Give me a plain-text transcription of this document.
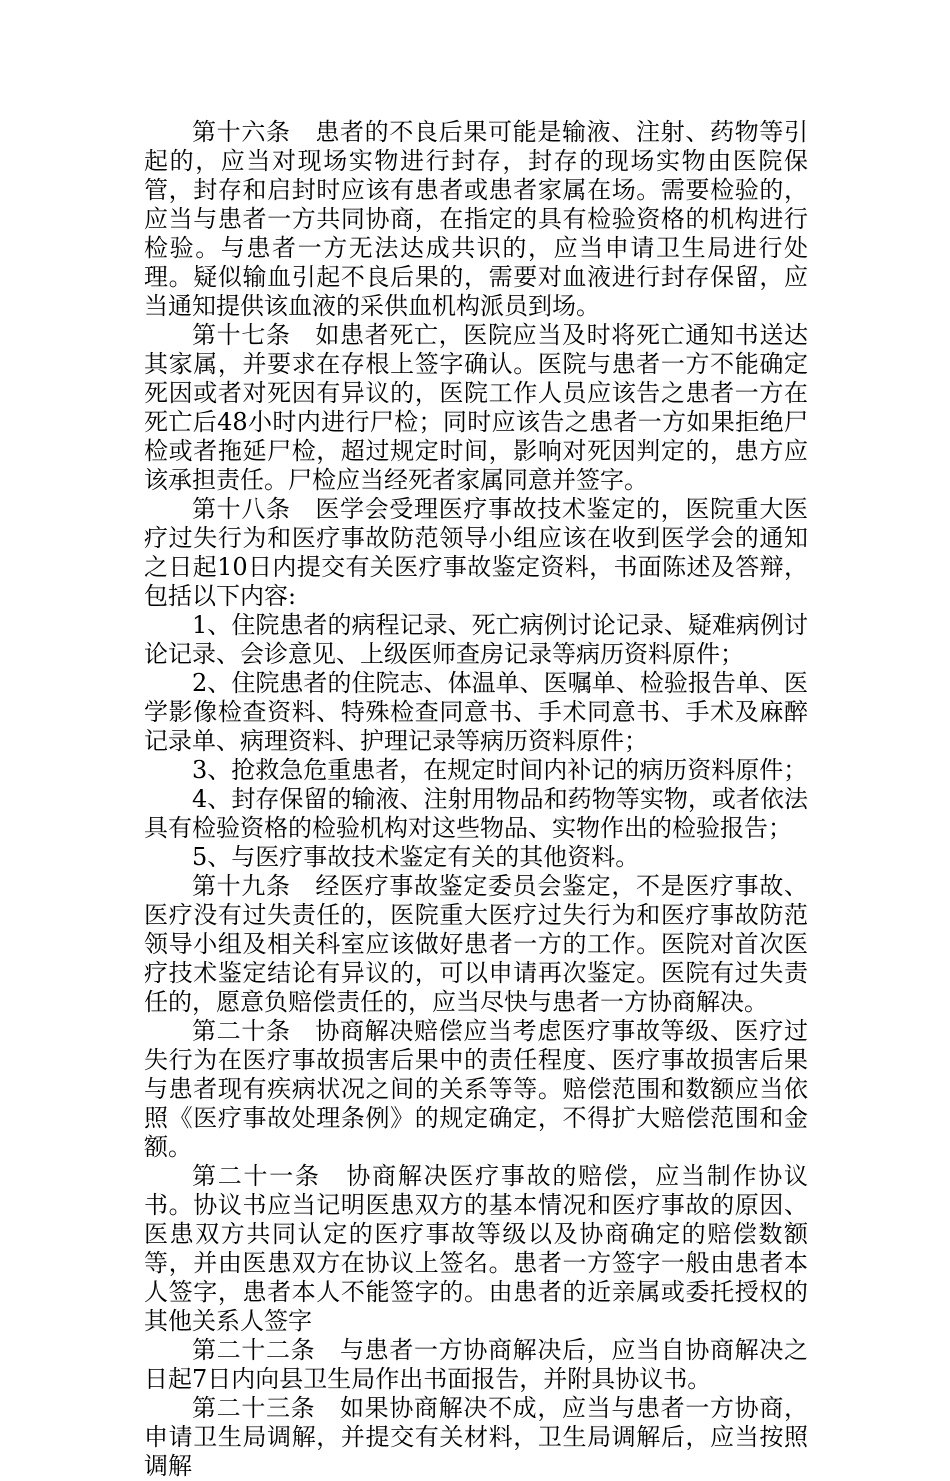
第十六条　患者的不良后果可能是输液、注射、药物等引起的，应当对现场实物进行封存，封存的现场实物由医院保管，封存和启封时应该有患者或患者家属在场。需要检验的，应当与患者一方共同协商，在指定的具有检验资格的机构进行检验。与患者一方无法达成共识的，应当申请卫生局进行处理。疑似输血引起不良后果的，需要对血液进行封存保留，应当通知提供该血液的采供血机构派员到场。

第十七条　如患者死亡，医院应当及时将死亡通知书送达其家属，并要求在存根上签字确认。医院与患者一方不能确定死因或者对死因有异议的，医院工作人员应该告之患者一方在死亡后48小时内进行尸检；同时应该告之患者一方如果拒绝尸检或者拖延尸检，超过规定时间，影响对死因判定的，患方应该承担责任。尸检应当经死者家属同意并签字。

第十八条　医学会受理医疗事故技术鉴定的，医院重大医疗过失行为和医疗事故防范领导小组应该在收到医学会的通知之日起10日内提交有关医疗事故鉴定资料，书面陈述及答辩，包括以下内容:

1、住院患者的病程记录、死亡病例讨论记录、疑难病例讨论记录、会诊意见、上级医师查房记录等病历资料原件；

2、住院患者的住院志、体温单、医嘱单、检验报告单、医学影像检查资料、特殊检查同意书、手术同意书、手术及麻醉记录单、病理资料、护理记录等病历资料原件；

3、抢救急危重患者，在规定时间内补记的病历资料原件；

4、封存保留的输液、注射用物品和药物等实物，或者依法具有检验资格的检验机构对这些物品、实物作出的检验报告；

5、与医疗事故技术鉴定有关的其他资料。

第十九条　经医疗事故鉴定委员会鉴定，不是医疗事故、医疗没有过失责任的，医院重大医疗过失行为和医疗事故防范领导小组及相关科室应该做好患者一方的工作。医院对首次医疗技术鉴定结论有异议的，可以申请再次鉴定。医院有过失责任的，愿意负赔偿责任的，应当尽快与患者一方协商解决。

第二十条　协商解决赔偿应当考虑医疗事故等级、医疗过失行为在医疗事故损害后果中的责任程度、医疗事故损害后果与患者现有疾病状况之间的关系等等。赔偿范围和数额应当依照《医疗事故处理条例》的规定确定，不得扩大赔偿范围和金额。

第二十一条　协商解决医疗事故的赔偿，应当制作协议书。协议书应当记明医患双方的基本情况和医疗事故的原因、医患双方共同认定的医疗事故等级以及协商确定的赔偿数额等，并由医患双方在协议上签名。患者一方签字一般由患者本人签字，患者本人不能签字的。由患者的近亲属或委托授权的其他关系人签字

第二十二条　与患者一方协商解决后，应当自协商解决之日起7日内向县卫生局作出书面报告，并附具协议书。

第二十三条　如果协商解决不成，应当与患者一方协商，申请卫生局调解，并提交有关材料，卫生局调解后，应当按照调解
